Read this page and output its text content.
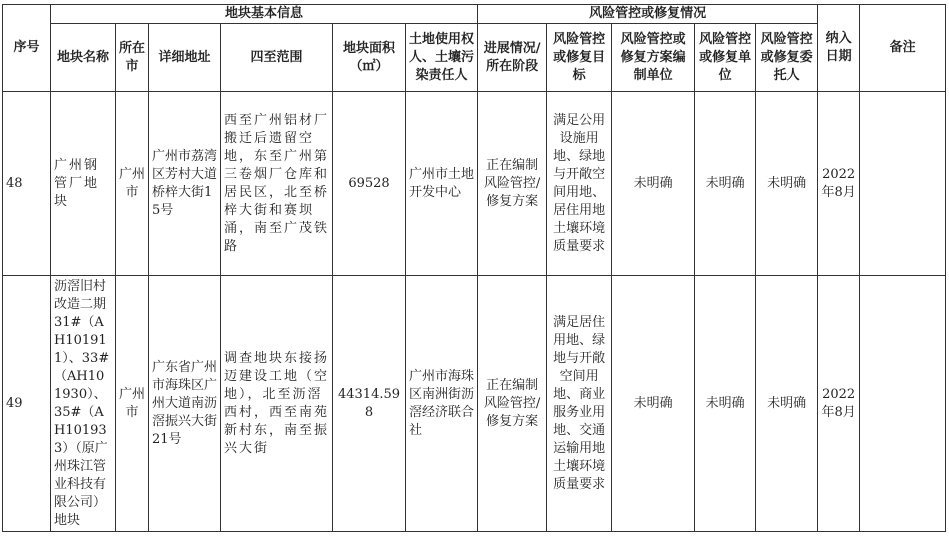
序号	地块基本信息						风险管控或修复情况					纳入日期	备注
	地块名称	所在市	详细地址	四至范围	地块面积（㎡）	土地使用权人、土壤污染责任人	进展情况/所在阶段	风险管控或修复目标	风险管控或修复方案编制单位	风险管控或修复单位	风险管控或修复委托人		
48	广州钢管厂地块	广州市	广州市荔湾区芳村大道桥梓大街15号	西至广州铝材厂搬迁后遗留空地，东至广州第三卷烟厂仓库和居民区，北至桥梓大街和赛坝涌，南至广茂铁路	69528	广州市土地开发中心	正在编制风险管控/修复方案	满足公用设施用地、绿地与开敞空间用地、居住用地土壤环境质量要求	未明确	未明确	未明确	2022年8月	
49	沥滘旧村改造二期31#（AH101911）、33#（AH101930）、35#（AH101933）（原广州珠江管业科技有限公司）地块	广州市	广东省广州市海珠区广州大道南沥滘振兴大街21号	调查地块东接扬迈建设工地（空地），北至沥滘西村，西至南苑新村东，南至振兴大街	44314.598	广州市海珠区南洲街沥滘经济联合社	正在编制风险管控/修复方案	满足居住用地、绿地与开敞空间用地、商业服务业用地、交通运输用地土壤环境质量要求	未明确	未明确	未明确	2022年8月	
